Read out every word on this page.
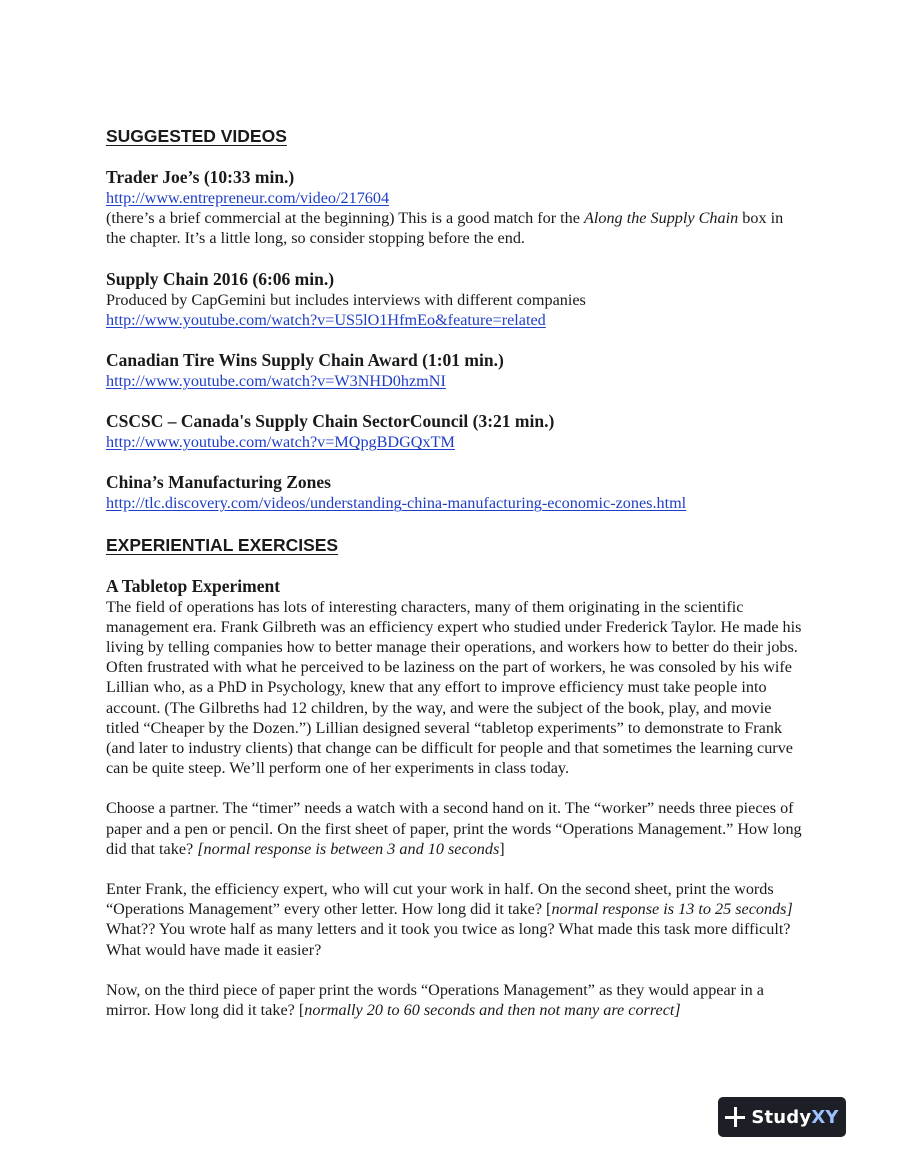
SUGGESTED VIDEOS
Trader Joe’s (10:33 min.)
http://www.entrepreneur.com/video/217604

(there’s a brief commercial at the beginning) This is a good match for the Along the Supply Chain box in the chapter. It’s a little long, so consider stopping before the end.

Supply Chain 2016 (6:06 min.)

Produced by CapGemini but includes interviews with different companies

http://www.youtube.com/watch?v=US5lO1HfmEo&feature=related
Canadian Tire Wins Supply Chain Award (1:01 min.)
http://www.youtube.com/watch?v=W3NHD0hzmNI
CSCSC – Canada's Supply Chain SectorCouncil (3:21 min.)
http://www.youtube.com/watch?v=MQpgBDGQxTM
China’s Manufacturing Zones
http://tlc.discovery.com/videos/understanding-china-manufacturing-economic-zones.html
EXPERIENTIAL EXERCISES
A Tabletop Experiment

The field of operations has lots of interesting characters, many of them originating in the scientific management era. Frank Gilbreth was an efficiency expert who studied under Frederick Taylor. He made his living by telling companies how to better manage their operations, and workers how to better do their jobs. Often frustrated with what he perceived to be laziness on the part of workers, he was consoled by his wife Lillian who, as a PhD in Psychology, knew that any effort to improve efficiency must take people into account. (The Gilbreths had 12 children, by the way, and were the subject of the book, play, and movie titled “Cheaper by the Dozen.”) Lillian designed several “tabletop experiments” to demonstrate to Frank (and later to industry clients) that change can be difficult for people and that sometimes the learning curve can be quite steep. We’ll perform one of her experiments in class today.

Choose a partner. The “timer” needs a watch with a second hand on it. The “worker” needs three pieces of paper and a pen or pencil. On the first sheet of paper, print the words “Operations Management.” How long did that take? [normal response is between 3 and 10 seconds]

Enter Frank, the efficiency expert, who will cut your work in half. On the second sheet, print the words “Operations Management” every other letter. How long did it take? [normal response is 13 to 25 seconds] What?? You wrote half as many letters and it took you twice as long? What made this task more difficult? What would have made it easier?

Now, on the third piece of paper print the words “Operations Management” as they would appear in a mirror. How long did it take? [normally 20 to 60 seconds and then not many are correct]

StudyXY
